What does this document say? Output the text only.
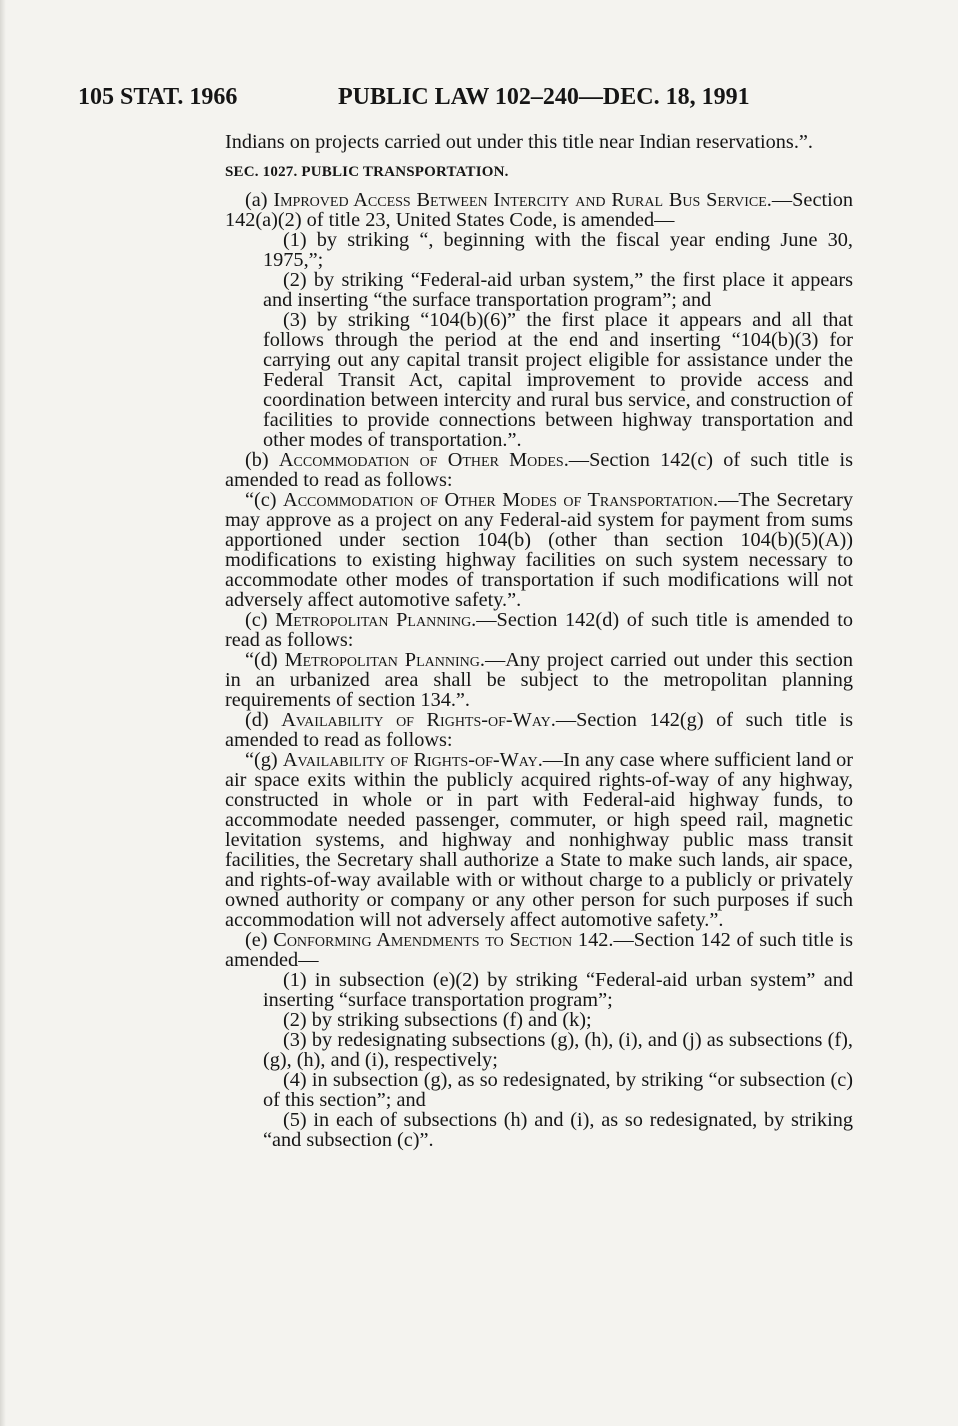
105 STAT. 1966	PUBLIC LAW 102–240—DEC. 18, 1991

Indians on projects carried out under this title near Indian reservations.”.

SEC. 1027. PUBLIC TRANSPORTATION.

(a) Improved Access Between Intercity and Rural Bus Service.—Section 142(a)(2) of title 23, United States Code, is amended—

(1) by striking “, beginning with the fiscal year ending June 30, 1975,”;

(2) by striking “Federal-aid urban system,” the first place it appears and inserting “the surface transportation program”; and

(3) by striking “104(b)(6)” the first place it appears and all that follows through the period at the end and inserting “104(b)(3) for carrying out any capital transit project eligible for assistance under the Federal Transit Act, capital improvement to provide access and coordination between intercity and rural bus service, and construction of facilities to provide connections between highway transportation and other modes of transportation.”.

(b) Accommodation of Other Modes.—Section 142(c) of such title is amended to read as follows:

“(c) Accommodation of Other Modes of Transportation.—The Secretary may approve as a project on any Federal-aid system for payment from sums apportioned under section 104(b) (other than section 104(b)(5)(A)) modifications to existing highway facilities on such system necessary to accommodate other modes of transportation if such modifications will not adversely affect automotive safety.”.

(c) Metropolitan Planning.—Section 142(d) of such title is amended to read as follows:

“(d) Metropolitan Planning.—Any project carried out under this section in an urbanized area shall be subject to the metropolitan planning requirements of section 134.”.

(d) Availability of Rights-of-Way.—Section 142(g) of such title is amended to read as follows:

“(g) Availability of Rights-of-Way.—In any case where sufficient land or air space exits within the publicly acquired rights-of-way of any highway, constructed in whole or in part with Federal-aid highway funds, to accommodate needed passenger, commuter, or high speed rail, magnetic levitation systems, and highway and nonhighway public mass transit facilities, the Secretary shall authorize a State to make such lands, air space, and rights-of-way available with or without charge to a publicly or privately owned authority or company or any other person for such purposes if such accommodation will not adversely affect automotive safety.”.

(e) Conforming Amendments to Section 142.—Section 142 of such title is amended—

(1) in subsection (e)(2) by striking “Federal-aid urban system” and inserting “surface transportation program”;

(2) by striking subsections (f) and (k);

(3) by redesignating subsections (g), (h), (i), and (j) as subsections (f), (g), (h), and (i), respectively;

(4) in subsection (g), as so redesignated, by striking “or subsection (c) of this section”; and

(5) in each of subsections (h) and (i), as so redesignated, by striking “and subsection (c)”.
